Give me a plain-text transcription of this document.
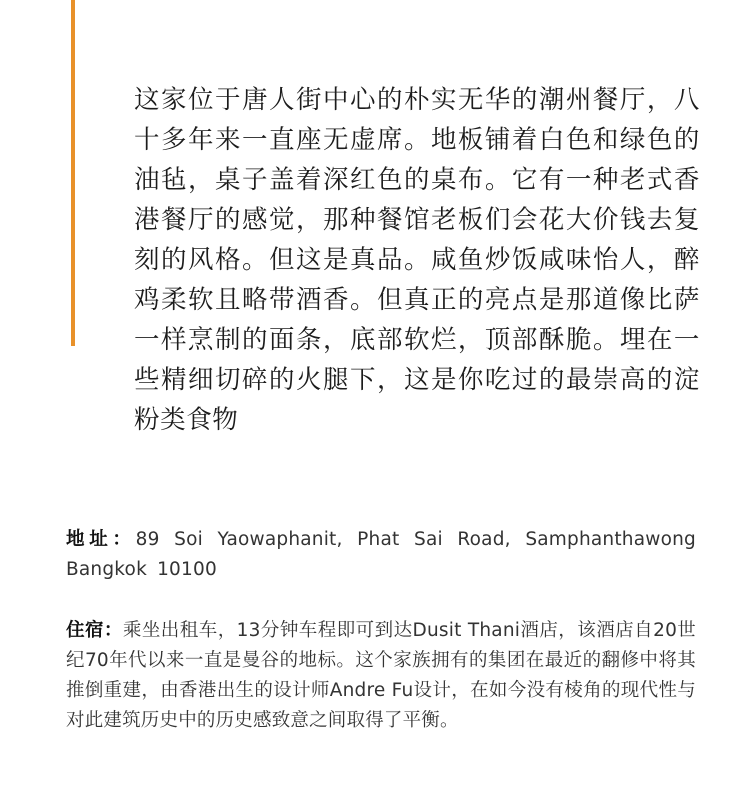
这家位于唐人街中心的朴实无华的潮州餐厅，八十多年来一直座无虚席。地板铺着白色和绿色的油毡，桌子盖着深红色的桌布。它有一种老式香港餐厅的感觉，那种餐馆老板们会花大价钱去复刻的风格。但这是真品。咸鱼炒饭咸味怡人，醉鸡柔软且略带酒香。但真正的亮点是那道像比萨一样烹制的面条，底部软烂，顶部酥脆。埋在一些精细切碎的火腿下，这是你吃过的最崇高的淀粉类食物

地址：89 Soi Yaowaphanit, Phat Sai Road, Samphanthawong Bangkok 10100

住宿：乘坐出租车，13分钟车程即可到达Dusit Thani酒店，该酒店自20世纪70年代以来一直是曼谷的地标。这个家族拥有的集团在最近的翻修中将其推倒重建，由香港出生的设计师Andre Fu设计，在如今没有棱角的现代性与对此建筑历史中的历史感致意之间取得了平衡。
